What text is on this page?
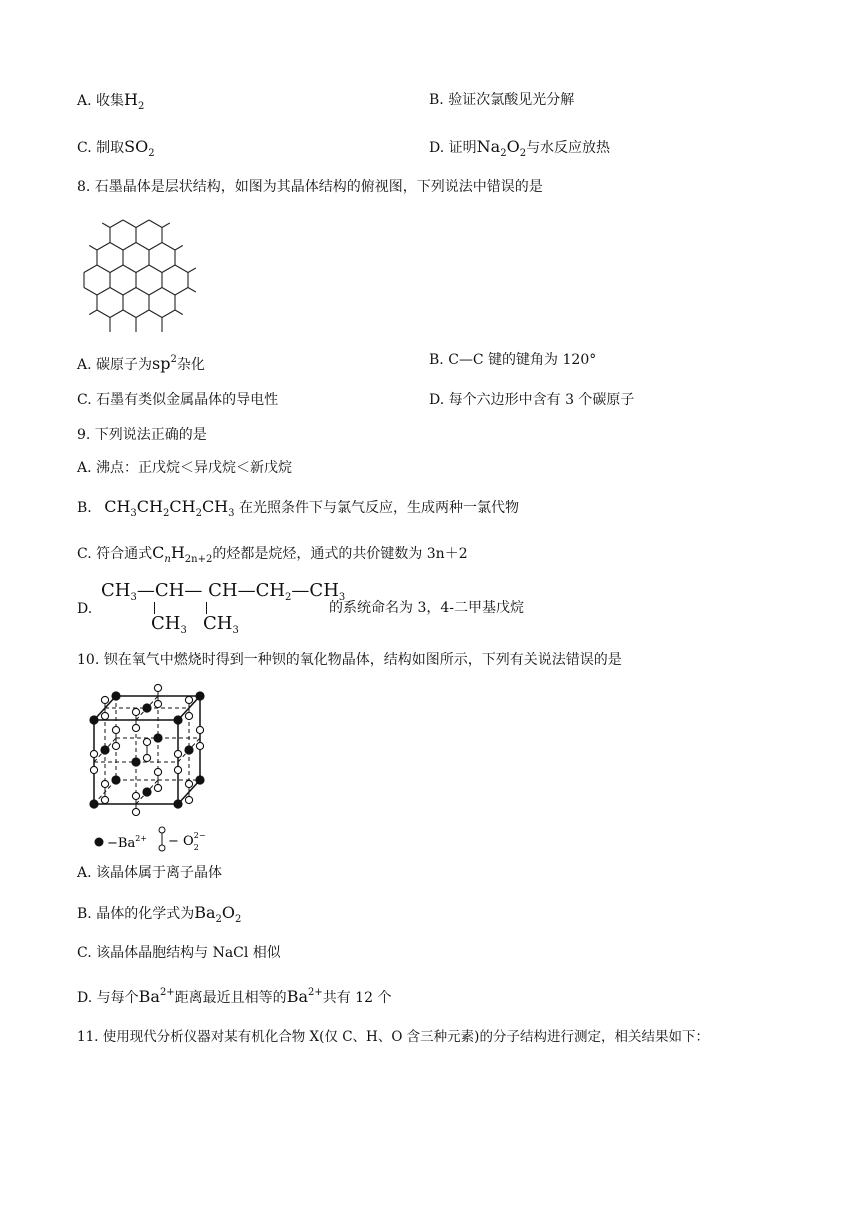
A. 收集$H_2$	B. 验证次氯酸见光分解
C. 制取$SO_2$	D. 证明$Na_2O_2$与水反应放热
8. 石墨晶体是层状结构，如图为其晶体结构的俯视图，下列说法中错误的是
A. 碳原子为$sp^2$杂化	B. C—C 键的键角为 120°
C. 石墨有类似金属晶体的导电性	D. 每个六边形中含有 3 个碳原子
9. 下列说法正确的是
A. 沸点：正戊烷＜异戊烷＜新戊烷
B. $CH_3CH_2CH_2CH_3$ 在光照条件下与氯气反应，生成两种一氯代物
C. 符合通式$C_nH_{2n+2}$的烃都是烷烃，通式的共价键数为 3n＋2
D.
$CH_3—CH—$ $CH—CH_2—CH_3$
$CH_3$ $CH_3$
的系统命名为 3，4-二甲基戊烷
10. 钡在氧气中燃烧时得到一种钡的氧化物晶体，结构如图所示，下列有关说法错误的是
$-Ba^{2+} - O_22-$
A. 该晶体属于离子晶体
B. 晶体的化学式为$Ba_2O_2$
C. 该晶体晶胞结构与 NaCl 相似
D. 与每个$Ba^{2+}$距离最近且相等的$Ba^{2+}$共有 12 个
11. 使用现代分析仪器对某有机化合物 X(仅 C、H、O 含三种元素)的分子结构进行测定，相关结果如下：
